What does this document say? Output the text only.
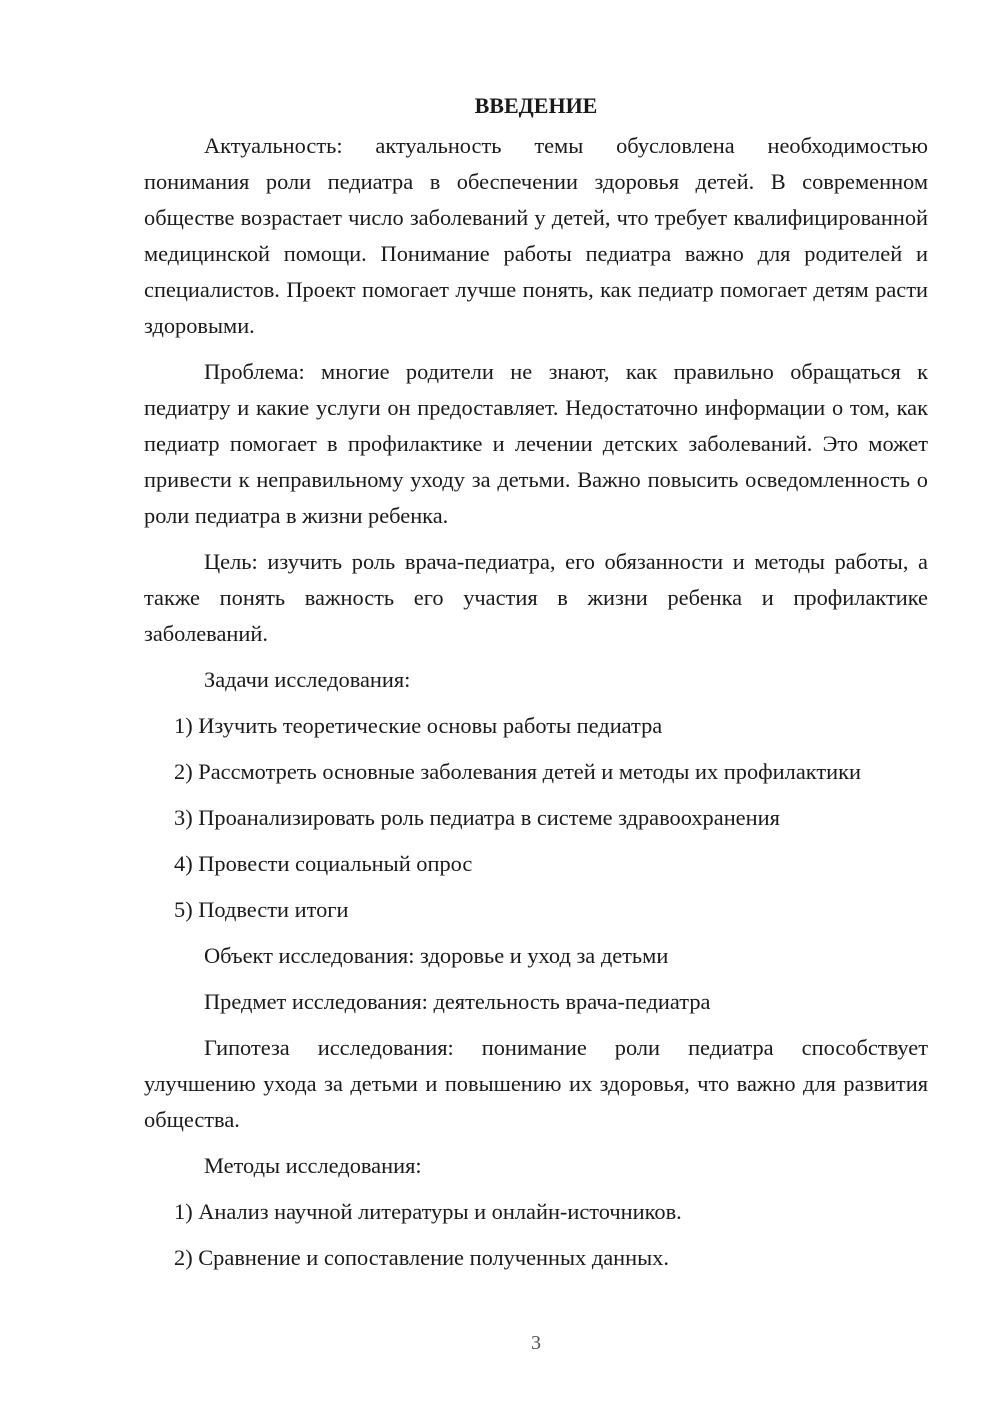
ВВЕДЕНИЕ

Актуальность: актуальность темы обусловлена необходимостью понимания роли педиатра в обеспечении здоровья детей. В современном обществе возрастает число заболеваний у детей, что требует квалифицированной медицинской помощи. Понимание работы педиатра важно для родителей и специалистов. Проект помогает лучше понять, как педиатр помогает детям расти здоровыми.

Проблема: многие родители не знают, как правильно обращаться к педиатру и какие услуги он предоставляет. Недостаточно информации о том, как педиатр помогает в профилактике и лечении детских заболеваний. Это может привести к неправильному уходу за детьми. Важно повысить осведомленность о роли педиатра в жизни ребенка.

Цель: изучить роль врача-педиатра, его обязанности и методы работы, а также понять важность его участия в жизни ребенка и профилактике заболеваний.

Задачи исследования:

1) Изучить теоретические основы работы педиатра

2) Рассмотреть основные заболевания детей и методы их профилактики

3) Проанализировать роль педиатра в системе здравоохранения

4) Провести социальный опрос

5) Подвести итоги

Объект исследования: здоровье и уход за детьми

Предмет исследования: деятельность врача-педиатра

Гипотеза исследования: понимание роли педиатра способствует улучшению ухода за детьми и повышению их здоровья, что важно для развития общества.

Методы исследования:

1) Анализ научной литературы и онлайн-источников.

2) Сравнение и сопоставление полученных данных.

3
